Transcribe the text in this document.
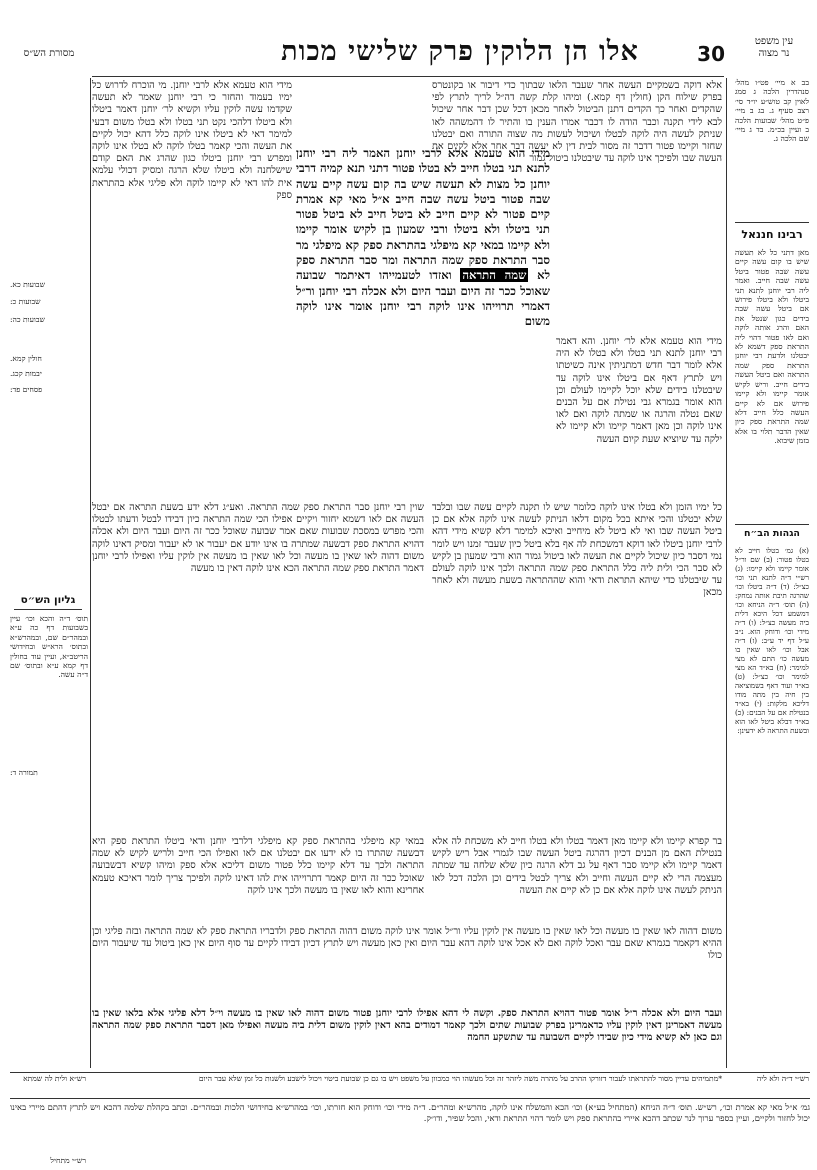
30
אלו הן הלוקין פרק שלישי מכות
מסורת הש״ס
עין משפט
נר מצוה
בב א מיי׳ פט״ו מהל׳ סנהדרין הלכה ג סמג לאוין קב טוש״ע יו״ד סי׳ רצב סעיף ג. בג ב מיי׳ פ״ט מהל׳ שבועות הלכה ב ועיין בכ״מ. בד ג מיי׳ שם הלכה ג.
רבינו חננאל
מאן דתני כל לא תעשה שיש בו קום עשה קיים עשה שבה פטור ביטל עשה שבה חייב. ואמר ליה רבי יוחנן לתנא תני ביטלו ולא ביטלו פירוש אם ביטל עשה שבה בידים כגון שנטל את האם והרג אותה לוקה ואם לאו פטור דהוי ליה התראת ספק דשמא לא יבטלנו ולדעת רבי יוחנן התראת ספק שמה התראה ואם ביטל העשה בידים חייב. וריש לקיש אומר קיימו ולא קיימו פירוש אם לא קיים העשה כלל חייב דלא שמה התראת ספק כיון שאין הדבר תלוי בו אלא בזמן שיבוא.
הגהות הב״ח
(א) גמ׳ בטלו חייב לא בטלו פטור: (ב) שם ור״ל אומר קיימו ולא קיימו: (ג) רש״י ד״ה לתנא תני וכו׳ כצ״ל: (ד) ד״ה ביטלו וכו׳ שהרגה תיבת אותה נמחק: (ה) תוס׳ ד״ה הניחא וכו׳ דמשמע דכל היכא דלית ביה מעשה כצ״ל: (ו) ד״ה מידי וכו׳ ודוחק הוא. נ״ב ע״ל דף יד ע״ב: (ז) ד״ה אבל וכו׳ לאו שאין בו מעשה כו׳ התם לא מצי למימר: (ח) בא״ד הא מצי למימר וכו׳ כצ״ל: (ט) בא״ד ועוד דאף בשמוציאה בין חיה בין מתה מודו דליכא מלקות: (י) בא״ד בנטילת אם על הבנים: (כ) בא״ד דבלא ביטל לאו הוא ובשעת התראה לא ידעינן:
שבועות כא.
שבועות כ:
שבועות כה:
חולין קמא.
יבמות קכג.
פסחים פד:
גליון הש״ס
תוס׳ ד״ה והכא וכו׳ עיין בשבועות דף כה ע״א ובמהר״ם שם, ובמהרש״א ובתוס׳ הרא״ש ובחידושי הריטב״א, ועיין עוד בחולין דף קמא ע״א ובתוס׳ שם ד״ה עשה.
תמורה ד:
אלא דוקה בשמקיים העשה אחר שעבר הלאו שבתוך כדי דיבור או בקונטרס בפרק שילוח הקן (חולין דף קמא.) ומיהו קלת קשה דה״ל לריך לתרץ לפי שהקדים ואחר כך הקדים דתנן הביטול לאחר מכאן דכל שכן דבר אחר שיכול לבא לידי תקנה וכבר הודה לו דכבר אמרו הענין בו והתיר לו דהמשהה לאו שניתק לעשה היה לוקה לבטלו ושיכול לעשות מה שצוה התורה ואם יבטלנו שחזר וקיימו פטור דדבר זה מסור לבית דין לא יעשה דבר אחר אלא לקיים את העשה שבו ולפיכך אינו לוקה עד שיבטלנו ביטול גמור
מידי הוא טעמא אלא לרבי יוחנן. מי הוכרח לדרוש כל ימיו בעמוד והחזר כי רבי יוחנן שאמר לא תעשה שקדמו עשה לוקין עליו וקשיא לר׳ יוחנן דאמר ביטלו ולא ביטלו דלהכי נקט תני בטלו ולא בטלו משום דבעי למימר דאי לא ביטלו אינו לוקה כלל דהא יכול לקיים את העשה והכי קאמר בטלו לוקה לא בטלו אינו לוקה ומפרש רבי יוחנן ביטלו כגון שהרג את האם קודם שישלחנה ולא ביטלו שלא הרגה ומסיק דכולי עלמא אית להו דאי לא קיימו לוקה ולא פליגי אלא בהתראת ספק
מידי הוא טעמא אלא לרבי יוחנן האמר ליה רבי יוחנן לתנא תני בטלו חייב לא בטלו פטור דתני תנא קמיה דרבי יוחנן כל מצות לא תעשה שיש בה קום עשה קיים עשה שבה פטור ביטל עשה שבה חייב א״ל מאי קא אמרת קיים פטור לא קיים חייב לא ביטל חייב לא ביטל פטור תני ביטלו ולא ביטלו ורבי שמעון בן לקיש אומר קיימו ולא קיימו במאי קא מיפלגי בהתראת ספק קא מיפלגי מר סבר התראת ספק שמה התראה ומר סבר התראת ספק לא שמה התראה ואזדו לטעמייהו דאיתמר שבועה שאוכל ככר זה היום ועבר היום ולא אכלה רבי יוחנן ור״ל דאמרי תרוייהו אינו לוקה רבי יוחנן אומר אינו לוקה משום
מידי הוא טעמא אלא לר׳ יוחנן. והא דאמר רבי יוחנן לתנא תני בטלו ולא בטלו לא היה אלא לומר דבר חדש דמתניתין אינה כשיטתו ויש לתרץ דאף אם ביטלו אינו לוקה עד שיבטלנו בידים שלא יוכל לקיימו לעולם וכן הוא אומר בגמרא גבי נטילת אם על הבנים שאם נטלה והרגה או שמתה לוקה ואם לאו אינו לוקה וכן מאן דאמר קיימו ולא קיימו לא ילקה עד שיוציא שעת קיום העשה
כל ימיו הזמן ולא בטלו אינו לוקה כלומר שיש לו תקנה לקיים עשה שבו ובלבד שלא יבטלנו והכי איתא בכל מקום דלאו הניתק לעשה אינו לוקה אלא אם כן ביטל העשה שבו ואי לא ביטל לא מיחייב ואיכא למימר דלא קשיא מידי דהא לרבי יוחנן ביטלו לאו דוקא דמשכחת לה אף בלא ביטל כיון שעבר זמנו ויש לומר נמי דסבר כיון שיכול לקיים את העשה לאו ביטול גמור הוא ורבי שמעון בן לקיש לא סבר הכי ולית ליה כלל התראת ספק שמה התראה ולכך אינו לוקה לעולם עד שיבטלנו כדי שיהא התראת ודאי והוא שההתראה בשעת מעשה ולא לאחר מכאן
שוין רבי יוחנן סבר התראת ספק שמה התראה. ואע״ג דלא ידע בשעת התראה אם יבטל העשה אם לאו דשמא יחזור ויקיים אפילו הכי שמה התראה כיון דבידו לבטל ודעתו לבטלו והכי מפרש במסכת שבועות שאם אמר שבועה שאוכל ככר זה היום ועבר היום ולא אכלה דהויא התראת ספק דבשעה שמתרה בו אינו יודע אם יעבור או לא יעבור ומסיק דאינו לוקה משום דהוה לאו שאין בו מעשה וכל לאו שאין בו מעשה אין לוקין עליו ואפילו לרבי יוחנן דאמר התראת ספק שמה התראה הכא אינו לוקה דאין בו מעשה
בר קפרא קיימו ולא קיימו מאן דאמר בטלו ולא בטלו חייב לא משכחת לה אלא בנטילת האם מן הבנים דכיון דהרגה ביטל העשה שבו לגמרי אבל ריש לקיש דאמר קיימו ולא קיימו סבר דאף על גב דלא הרגה כיון שלא שלחה עד שמתה מעצמה הרי לא קיים העשה וחייב ולא צריך לבטל בידים וכן הלכה דכל לאו הניתק לעשה אינו לוקה אלא אם כן לא קיים את העשה
במאי קא מיפלגי בהתראת ספק קא מיפלגי דלרבי יוחנן ודאי ביטלו התראת ספק היא דבשעה שהתרו בו לא ידעו אם יבטלנו אם לאו ואפילו הכי חייב ולריש לקיש לא שמה התראה ולכך עד דלא קיימו כלל פטור משום דליכא אלא ספק ומיהו קשיא דבשבועה שאוכל ככר זה היום קאמר דתרוייהו אית להו דאינו לוקה ולפיכך צריך לומר דאיכא טעמא אחרינא והוא לאו שאין בו מעשה ולכך אינו לוקה
משום דהוה לאו שאין בו מעשה וכל לאו שאין בו מעשה אין לוקין עליו ור״ל אומר אינו לוקה משום דהוה התראת ספק ולדבריו התראת ספק לא שמה התראה ובזה פליגי וכן ההיא דקאמר בגמרא שאם עבר ואכל לוקה ואם לא אכל אינו לוקה דהא עבר היום ואין כאן מעשה ויש לתרץ דכיון דבידו לקיים עד סוף היום אין כאן ביטול עד שיעבור היום כולו
ועבר היום ולא אכלה ר״ל אומר פטור דהויא התראת ספק. וקשה לי דהא אפילו לרבי יוחנן פטור משום דהוה לאו שאין בו מעשה וי״ל דלא פליגי אלא בלאו שאין בו מעשה דאמרינן דאין לוקין עליו כדאמרינן בפרק שבועות שתים ולכך קאמר דמודים בהא דאין לוקין משום דלית ביה מעשה ואפילו מאן דסבר התראת ספק שמה התראה וגם כאן לא קשיא מידי כיון שבידו לקיים השבועה עד שתשקע החמה
*מתמיהים עדיין מסור להתראתו לעבור דזורקו ההרב על מהרה משה ליזהר זה וכל מעשהו הוי כמכוון על משפט ויש בו גם כן שבועת ביטוי ויכול לישבע ולשנות כל זמן שלא עבר היום	רש״י ד״ה ולא ליה
רש״א ולית לה שמתא
גמ׳ א״ל מאי קא אמרת וכו׳, רש״ש. תוס׳ ד״ה הניחא (המתחיל בע״א) וכו׳ הכא והמשלח אינו לוקה, מהרש״א ומהר״ם. ד״ה מידי וכו׳ ודוחק הוא חזרתו, וכו׳ במהרש״א בחידושי הלכות ובמהר״ם. וכתב בקהלת שלמה דהכא ויש לתרץ דהתם מיירי באינו יכול לחזור ולקיים, ועיין בספר ערוך לנר שכתב דהכא איירי בהתראת ספק ויש לומר דהוי התראת ודאי, והכל שפיר, ודו״ק.
רש״י מתחיל
